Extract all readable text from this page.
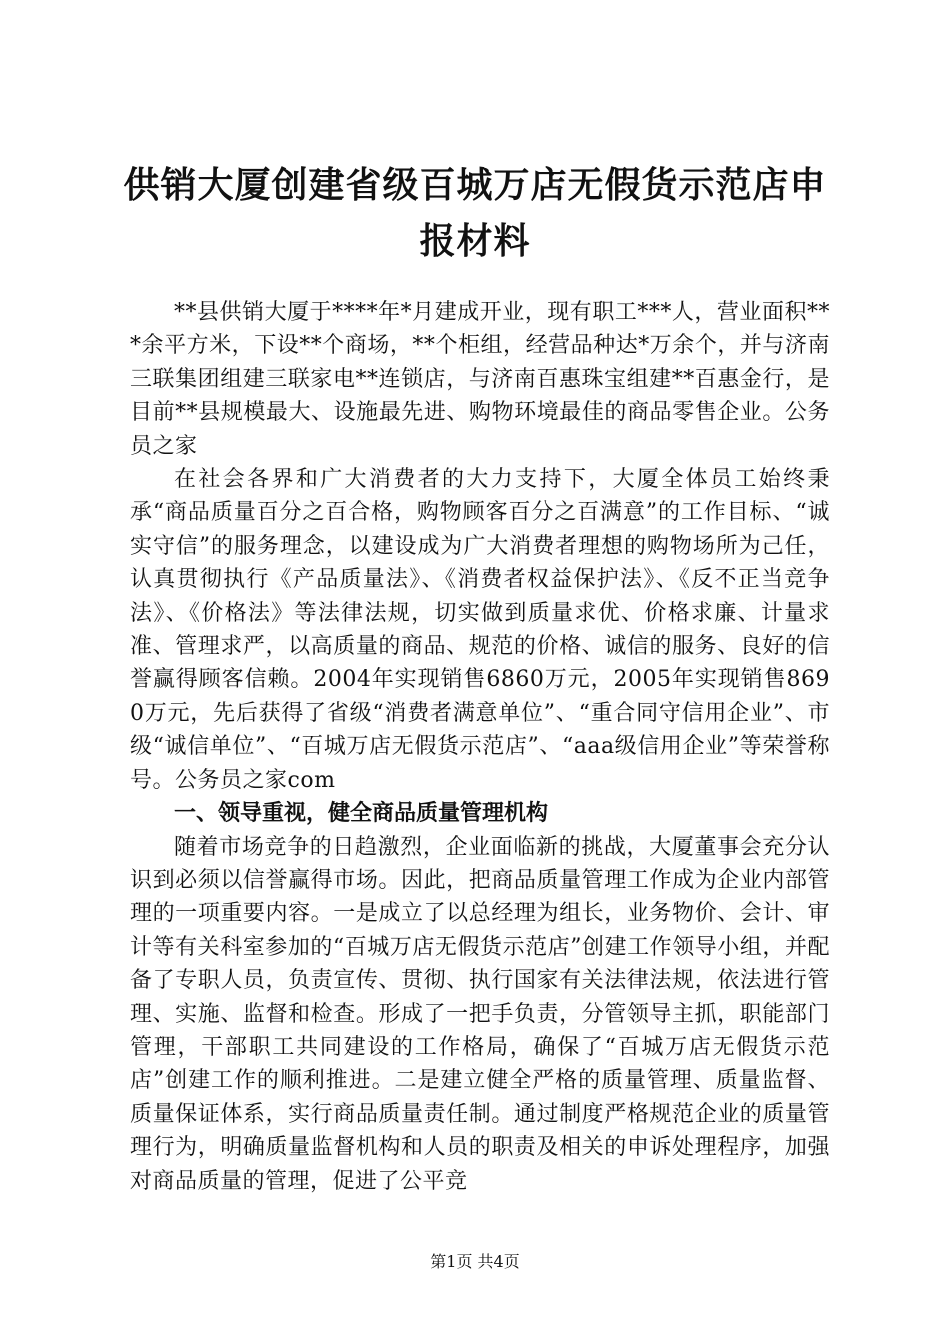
供销大厦创建省级百城万店无假货示范店申报材料

**县供销大厦于****年*月建成开业，现有职工***人，营业面积***余平方米，下设**个商场，**个柜组，经营品种达*万余个，并与济南三联集团组建三联家电**连锁店，与济南百惠珠宝组建**百惠金行，是目前**县规模最大、设施最先进、购物环境最佳的商品零售企业。公务员之家

在社会各界和广大消费者的大力支持下，大厦全体员工始终秉承“商品质量百分之百合格，购物顾客百分之百满意”的工作目标、“诚实守信”的服务理念，以建设成为广大消费者理想的购物场所为己任，认真贯彻执行《产品质量法》、《消费者权益保护法》、《反不正当竞争法》、《价格法》等法律法规，切实做到质量求优、价格求廉、计量求准、管理求严，以高质量的商品、规范的价格、诚信的服务、良好的信誉赢得顾客信赖。2004年实现销售6860万元，2005年实现销售8690万元，先后获得了省级“消费者满意单位”、“重合同守信用企业”、市级“诚信单位”、“百城万店无假货示范店”、“aaa级信用企业”等荣誉称号。公务员之家com

一、领导重视，健全商品质量管理机构

随着市场竞争的日趋激烈，企业面临新的挑战，大厦董事会充分认识到必须以信誉赢得市场。因此，把商品质量管理工作成为企业内部管理的一项重要内容。一是成立了以总经理为组长，业务物价、会计、审计等有关科室参加的“百城万店无假货示范店”创建工作领导小组，并配备了专职人员，负责宣传、贯彻、执行国家有关法律法规，依法进行管理、实施、监督和检查。形成了一把手负责，分管领导主抓，职能部门管理，干部职工共同建设的工作格局，确保了“百城万店无假货示范店”创建工作的顺利推进。二是建立健全严格的质量管理、质量监督、质量保证体系，实行商品质量责任制。通过制度严格规范企业的质量管理行为，明确质量监督机构和人员的职责及相关的申诉处理程序，加强对商品质量的管理，促进了公平竞

第1页 共4页
